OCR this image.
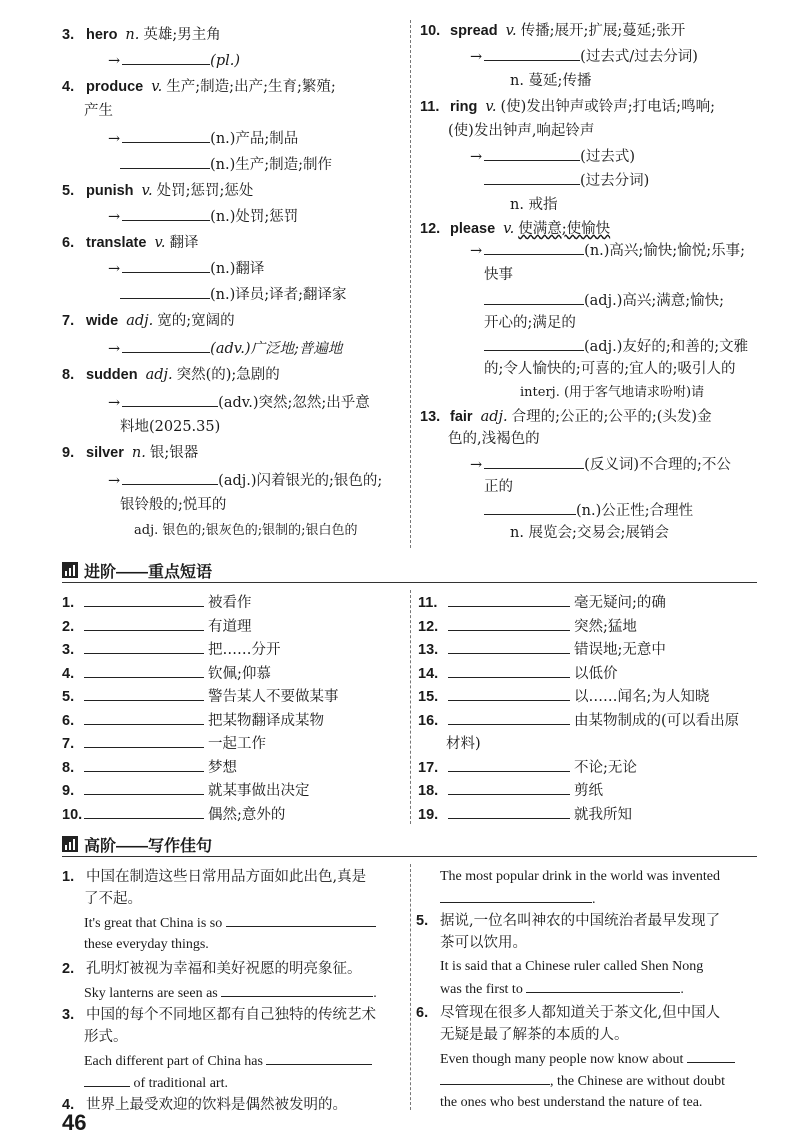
3. hero n. 英雄;男主角
→	(pl.)
4. produce v. 生产;制造;出产;生育;繁殖;
产生
→	(n.)产品;制品
(n.)生产;制造;制作
5. punish v. 处罚;惩罚;惩处
→	(n.)处罚;惩罚
6. translate v. 翻译
→	(n.)翻译
(n.)译员;译者;翻译家
7. wide adj. 宽的;宽阔的
→	(adv.)广泛地;普遍地
8. sudden adj. 突然(的);急剧的
→	(adv.)突然;忽然;出乎意
料地(2025.35)
9. silver n. 银;银器
→	(adj.)闪着银光的;银色的;
银铃般的;悦耳的
adj. 银色的;银灰色的;银制的;银白色的
10. spread v. 传播;展开;扩展;蔓延;张开
→	(过去式/过去分词)
n. 蔓延;传播
11. ring v. (使)发出钟声或铃声;打电话;鸣响;
(使)发出钟声,响起铃声
→	(过去式)
(过去分词)
n. 戒指
12. please v. 使满意;使愉快
→	(n.)高兴;愉快;愉悦;乐事;
快事
(adj.)高兴;满意;愉快;
开心的;满足的
(adj.)友好的;和善的;文雅
的;令人愉快的;可喜的;宜人的;吸引人的
interj. (用于客气地请求吩咐)请
13. fair adj. 合理的;公正的;公平的;(头发)金
色的,浅褐色的
→	(反义词)不合理的;不公
正的
(n.)公正性;合理性
n. 展览会;交易会;展销会
进阶——重点短语
1.	被看作
2.	有道理
3.	把……分开
4.	钦佩;仰慕
5.	警告某人不要做某事
6.	把某物翻译成某物
7.	一起工作
8.	梦想
9.	就某事做出决定
10.	偶然;意外的
11.	毫无疑问;的确
12.	突然;猛地
13.	错误地;无意中
14.	以低价
15.	以……闻名;为人知晓
16.	由某物制成的(可以看出原
材料)
17.	不论;无论
18.	剪纸
19.	就我所知
高阶——写作佳句
1. 中国在制造这些日常用品方面如此出色,真是
了不起。
It's great that China is so
these everyday things.
2. 孔明灯被视为幸福和美好祝愿的明亮象征。
Sky lanterns are seen as	.
3. 中国的每个不同地区都有自己独特的传统艺术
形式。
Each different part of China has
of traditional art.
4. 世界上最受欢迎的饮料是偶然被发明的。
The most popular drink in the world was invented
.
5. 据说,一位名叫神农的中国统治者最早发现了
茶可以饮用。
It is said that a Chinese ruler called Shen Nong
was the first to	.
6. 尽管现在很多人都知道关于茶文化,但中国人
无疑是最了解茶的本质的人。
Even though many people now know about
, the Chinese are without doubt
the ones who best understand the nature of tea.
46
